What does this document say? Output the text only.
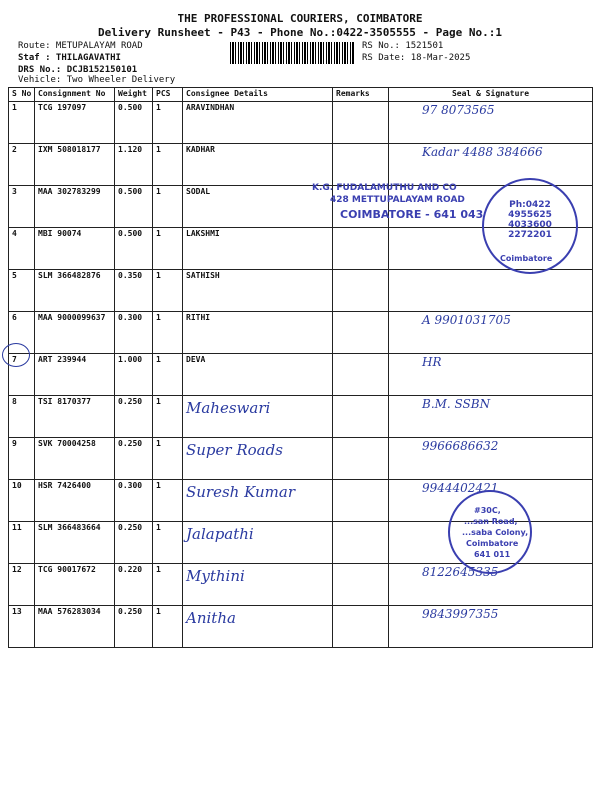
THE PROFESSIONAL COURIERS, COIMBATORE
Delivery Runsheet - P43 - Phone No.:0422-3505555 - Page No.:1
Route: METUPALAYAM ROAD
Staf : THILAGAVATHI
DRS No.: DCJB152150101
Vehicle: Two Wheeler Delivery
RS No.: 1521501
RS Date: 18-Mar-2025
S No	Consignment No	Weight	PCS	Consignee Details	Remarks	Seal & Signature
1	TCG 197097	0.500	1	ARAVINDHAN		97 8073565

2	IXM 508018177	1.120	1	KADHAR		Kadar 4488 384666

3	MAA 302783299	0.500	1	SODAL

4	MBI 90074	0.500	1	LAKSHMI

5	SLM 366482876	0.350	1	SATHISH

6	MAA 9000099637	0.300	1	RITHI		A 9901031705

7	ART 239944	1.000	1	DEVA		HR

8	TSI 8170377	0.250	1	Maheswari		B.M. SSBN

9	SVK 70004258	0.250	1	Super Roads		9966686632

10	HSR 7426400	0.300	1	Suresh Kumar		9944402421

11	SLM 366483664	0.250	1	Jalapathi		

12	TCG 90017672	0.220	1	Mythini		8122645335

13	MAA 576283034	0.250	1	Anitha		9843997355
K.G. FUDALAMUTHU AND CO
428 METTUPALAYAM ROAD
COIMBATORE - 641 043
Ph:0422 4955625 4033600 2272201
Coimbatore
#30C,
...san Road,
...saba Colony,
Coimbatore
641 011
